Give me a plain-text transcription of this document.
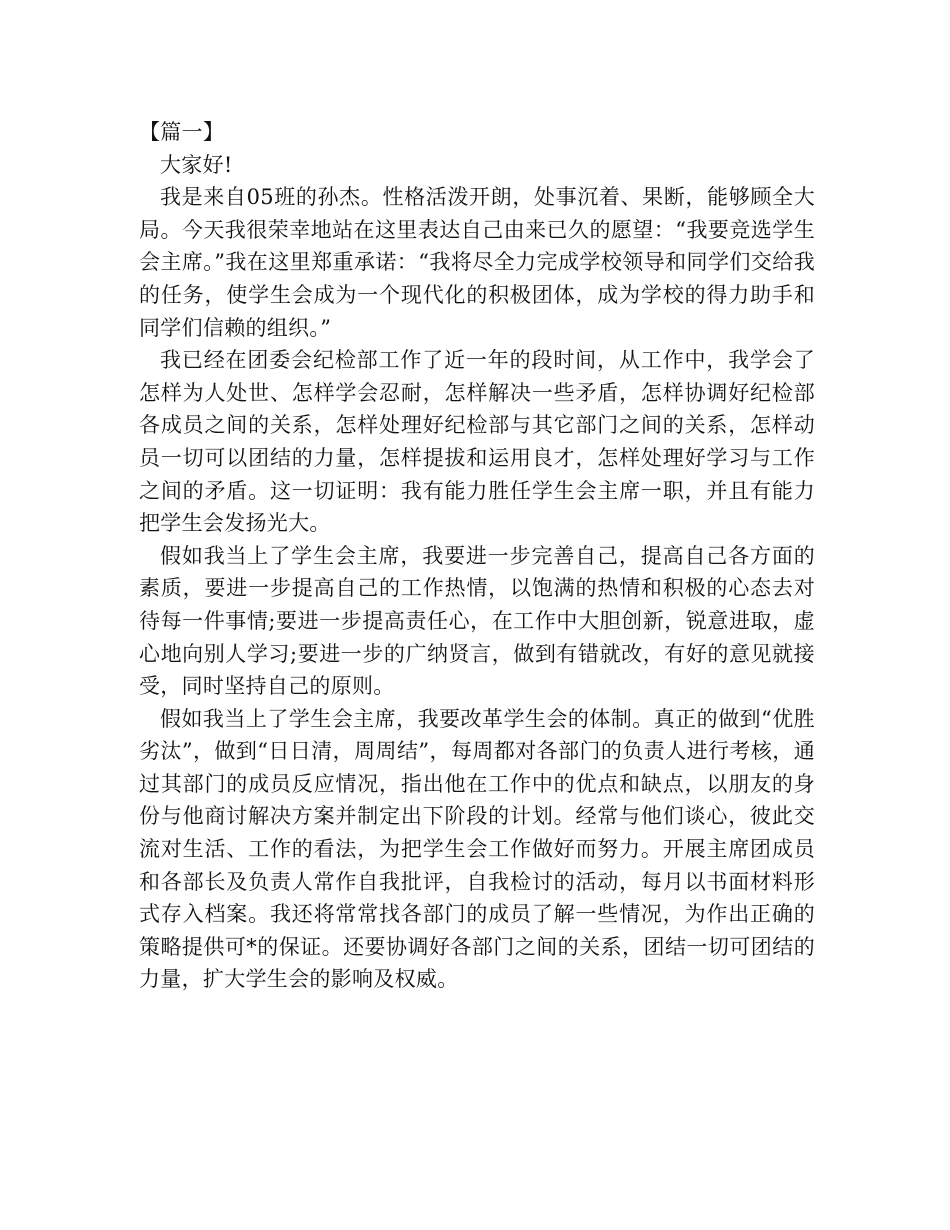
【篇一】

大家好!

我是来自05班的孙杰。性格活泼开朗，处事沉着、果断，能够顾全大局。今天我很荣幸地站在这里表达自己由来已久的愿望：“我要竞选学生会主席。”我在这里郑重承诺：“我将尽全力完成学校领导和同学们交给我的任务，使学生会成为一个现代化的积极团体，成为学校的得力助手和同学们信赖的组织。”

我已经在团委会纪检部工作了近一年的段时间，从工作中，我学会了怎样为人处世、怎样学会忍耐，怎样解决一些矛盾，怎样协调好纪检部各成员之间的关系，怎样处理好纪检部与其它部门之间的关系，怎样动员一切可以团结的力量，怎样提拔和运用良才，怎样处理好学习与工作之间的矛盾。这一切证明：我有能力胜任学生会主席一职，并且有能力把学生会发扬光大。

假如我当上了学生会主席，我要进一步完善自己，提高自己各方面的素质，要进一步提高自己的工作热情，以饱满的热情和积极的心态去对待每一件事情;要进一步提高责任心，在工作中大胆创新，锐意进取，虚心地向别人学习;要进一步的广纳贤言，做到有错就改，有好的意见就接受，同时坚持自己的原则。

假如我当上了学生会主席，我要改革学生会的体制。真正的做到“优胜劣汰”，做到“日日清，周周结”，每周都对各部门的负责人进行考核，通过其部门的成员反应情况，指出他在工作中的优点和缺点，以朋友的身份与他商讨解决方案并制定出下阶段的计划。经常与他们谈心，彼此交流对生活、工作的看法，为把学生会工作做好而努力。开展主席团成员和各部长及负责人常作自我批评，自我检讨的活动，每月以书面材料形式存入档案。我还将常常找各部门的成员了解一些情况，为作出正确的策略提供可*的保证。还要协调好各部门之间的关系，团结一切可团结的力量，扩大学生会的影响及权威。
